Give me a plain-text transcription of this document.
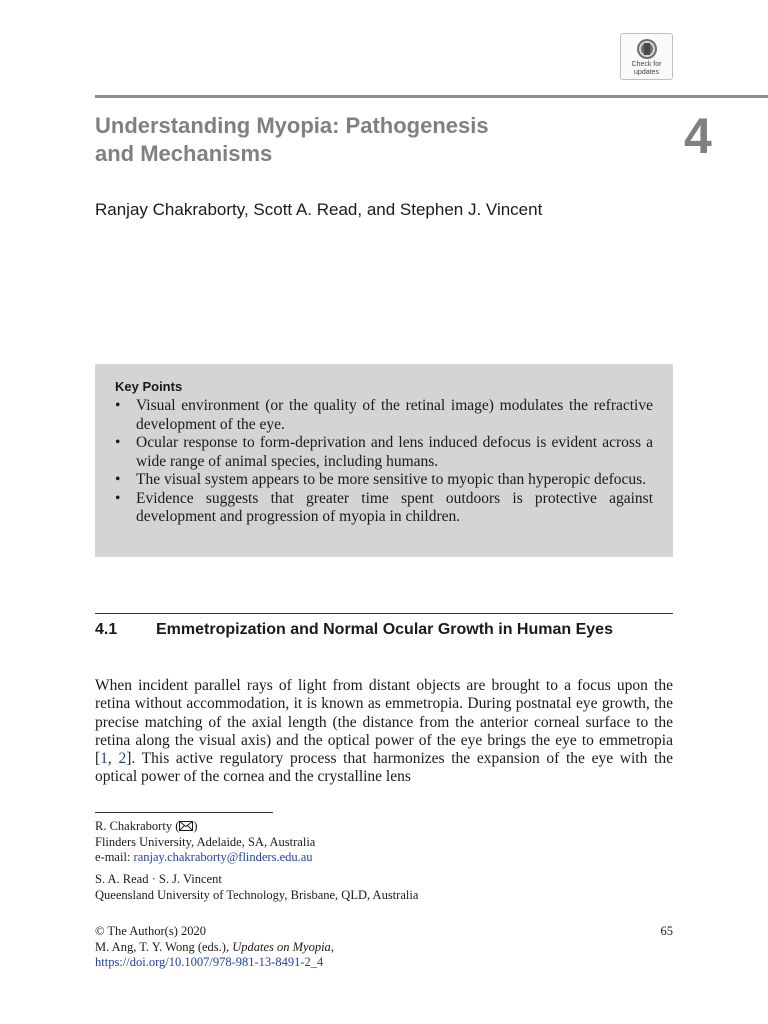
Check for
updates
Understanding Myopia: Pathogenesis
and Mechanisms	4
Ranjay Chakraborty, Scott A. Read, and Stephen J. Vincent
Key Points
• Visual environment (or the quality of the retinal image) modulates the refractive development of the eye.
• Ocular response to form-deprivation and lens induced defocus is evident across a wide range of animal species, including humans.
• The visual system appears to be more sensitive to myopic than hyperopic defocus.
• Evidence suggests that greater time spent outdoors is protective against development and progression of myopia in children.
4.1 Emmetropization and Normal Ocular Growth in Human Eyes
When incident parallel rays of light from distant objects are brought to a focus upon the retina without accommodation, it is known as emmetropia. During postnatal eye growth, the precise matching of the axial length (the distance from the anterior corneal surface to the retina along the visual axis) and the optical power of the eye brings the eye to emmetropia [1, 2]. This active regulatory process that harmonizes the expansion of the eye with the optical power of the cornea and the crystalline lens
R. Chakraborty ( )
Flinders University, Adelaide, SA, Australia
e-mail: ranjay.chakraborty@flinders.edu.au
S. A. Read · S. J. Vincent
Queensland University of Technology, Brisbane, QLD, Australia
© The Author(s) 2020
M. Ang, T. Y. Wong (eds.), Updates on Myopia,
https://doi.org/10.1007/978-981-13-8491-2_4
65
